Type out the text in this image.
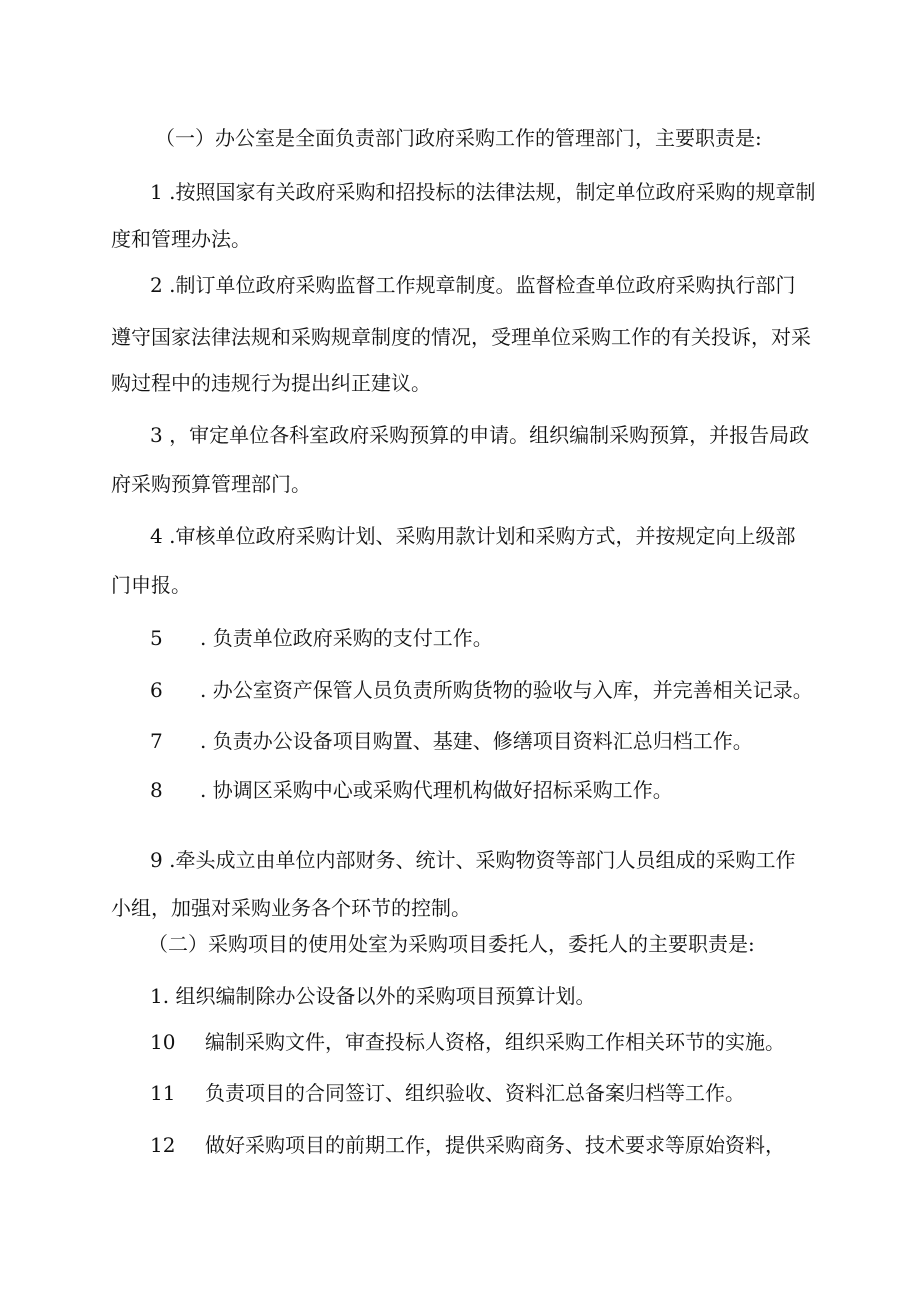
（一）办公室是全面负责部门政府采购工作的管理部门，主要职责是:
1 .按照国家有关政府采购和招投标的法律法规，制定单位政府采购的规章制
度和管理办法。
2 .制订单位政府采购监督工作规章制度。监督检查单位政府采购执行部门
遵守国家法律法规和采购规章制度的情况，受理单位采购工作的有关投诉，对采
购过程中的违规行为提出纠正建议。
3 ，审定单位各科室政府采购预算的申请。组织编制采购预算，并报告局政
府采购预算管理部门。
4 .审核单位政府采购计划、采购用款计划和采购方式，并按规定向上级部
门申报。
5 . 负责单位政府采购的支付工作。
6 . 办公室资产保管人员负责所购货物的验收与入库，并完善相关记录。
7 . 负责办公设备项目购置、基建、修缮项目资料汇总归档工作。
8 . 协调区采购中心或采购代理机构做好招标采购工作。
9 .牵头成立由单位内部财务、统计、采购物资等部门人员组成的采购工作
小组，加强对采购业务各个环节的控制。
（二）采购项目的使用处室为采购项目委托人，委托人的主要职责是:
1. 组织编制除办公设备以外的采购项目预算计划。
10 编制采购文件，审查投标人资格，组织采购工作相关环节的实施。
11 负责项目的合同签订、组织验收、资料汇总备案归档等工作。
12 做好采购项目的前期工作，提供采购商务、技术要求等原始资料，
